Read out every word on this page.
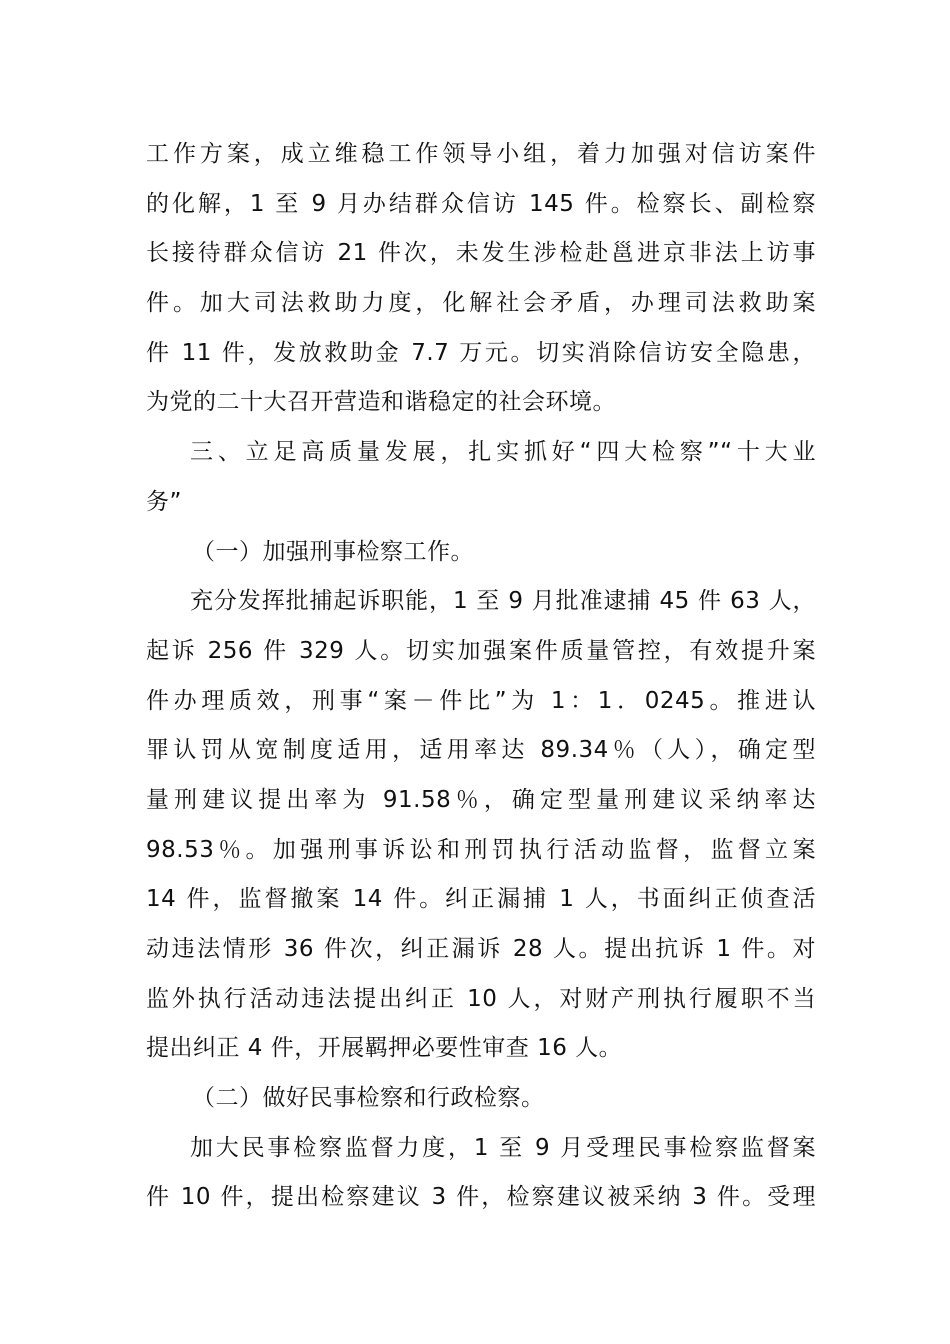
工作方案，成立维稳工作领导小组，着力加强对信访案件
的化解，1 至 9 月办结群众信访 145 件。检察长、副检察
长接待群众信访 21 件次，未发生涉检赴邕进京非法上访事
件。加大司法救助力度，化解社会矛盾，办理司法救助案
件 11 件，发放救助金 7.7 万元。切实消除信访安全隐患，
为党的二十大召开营造和谐稳定的社会环境。
三、立足高质量发展，扎实抓好“四大检察”“十大业
务”
（一）加强刑事检察工作。
充分发挥批捕起诉职能，1 至 9 月批准逮捕 45 件 63 人，
起诉 256 件 329 人。切实加强案件质量管控，有效提升案
件办理质效，刑事“案－件比”为 1：1．0245。推进认
罪认罚从宽制度适用，适用率达 89.34％（人），确定型
量刑建议提出率为 91.58％，确定型量刑建议采纳率达
98.53％。加强刑事诉讼和刑罚执行活动监督，监督立案
14 件，监督撤案 14 件。纠正漏捕 1 人，书面纠正侦查活
动违法情形 36 件次，纠正漏诉 28 人。提出抗诉 1 件。对
监外执行活动违法提出纠正 10 人，对财产刑执行履职不当
提出纠正 4 件，开展羁押必要性审查 16 人。
（二）做好民事检察和行政检察。
加大民事检察监督力度，1 至 9 月受理民事检察监督案
件 10 件，提出检察建议 3 件，检察建议被采纳 3 件。受理
